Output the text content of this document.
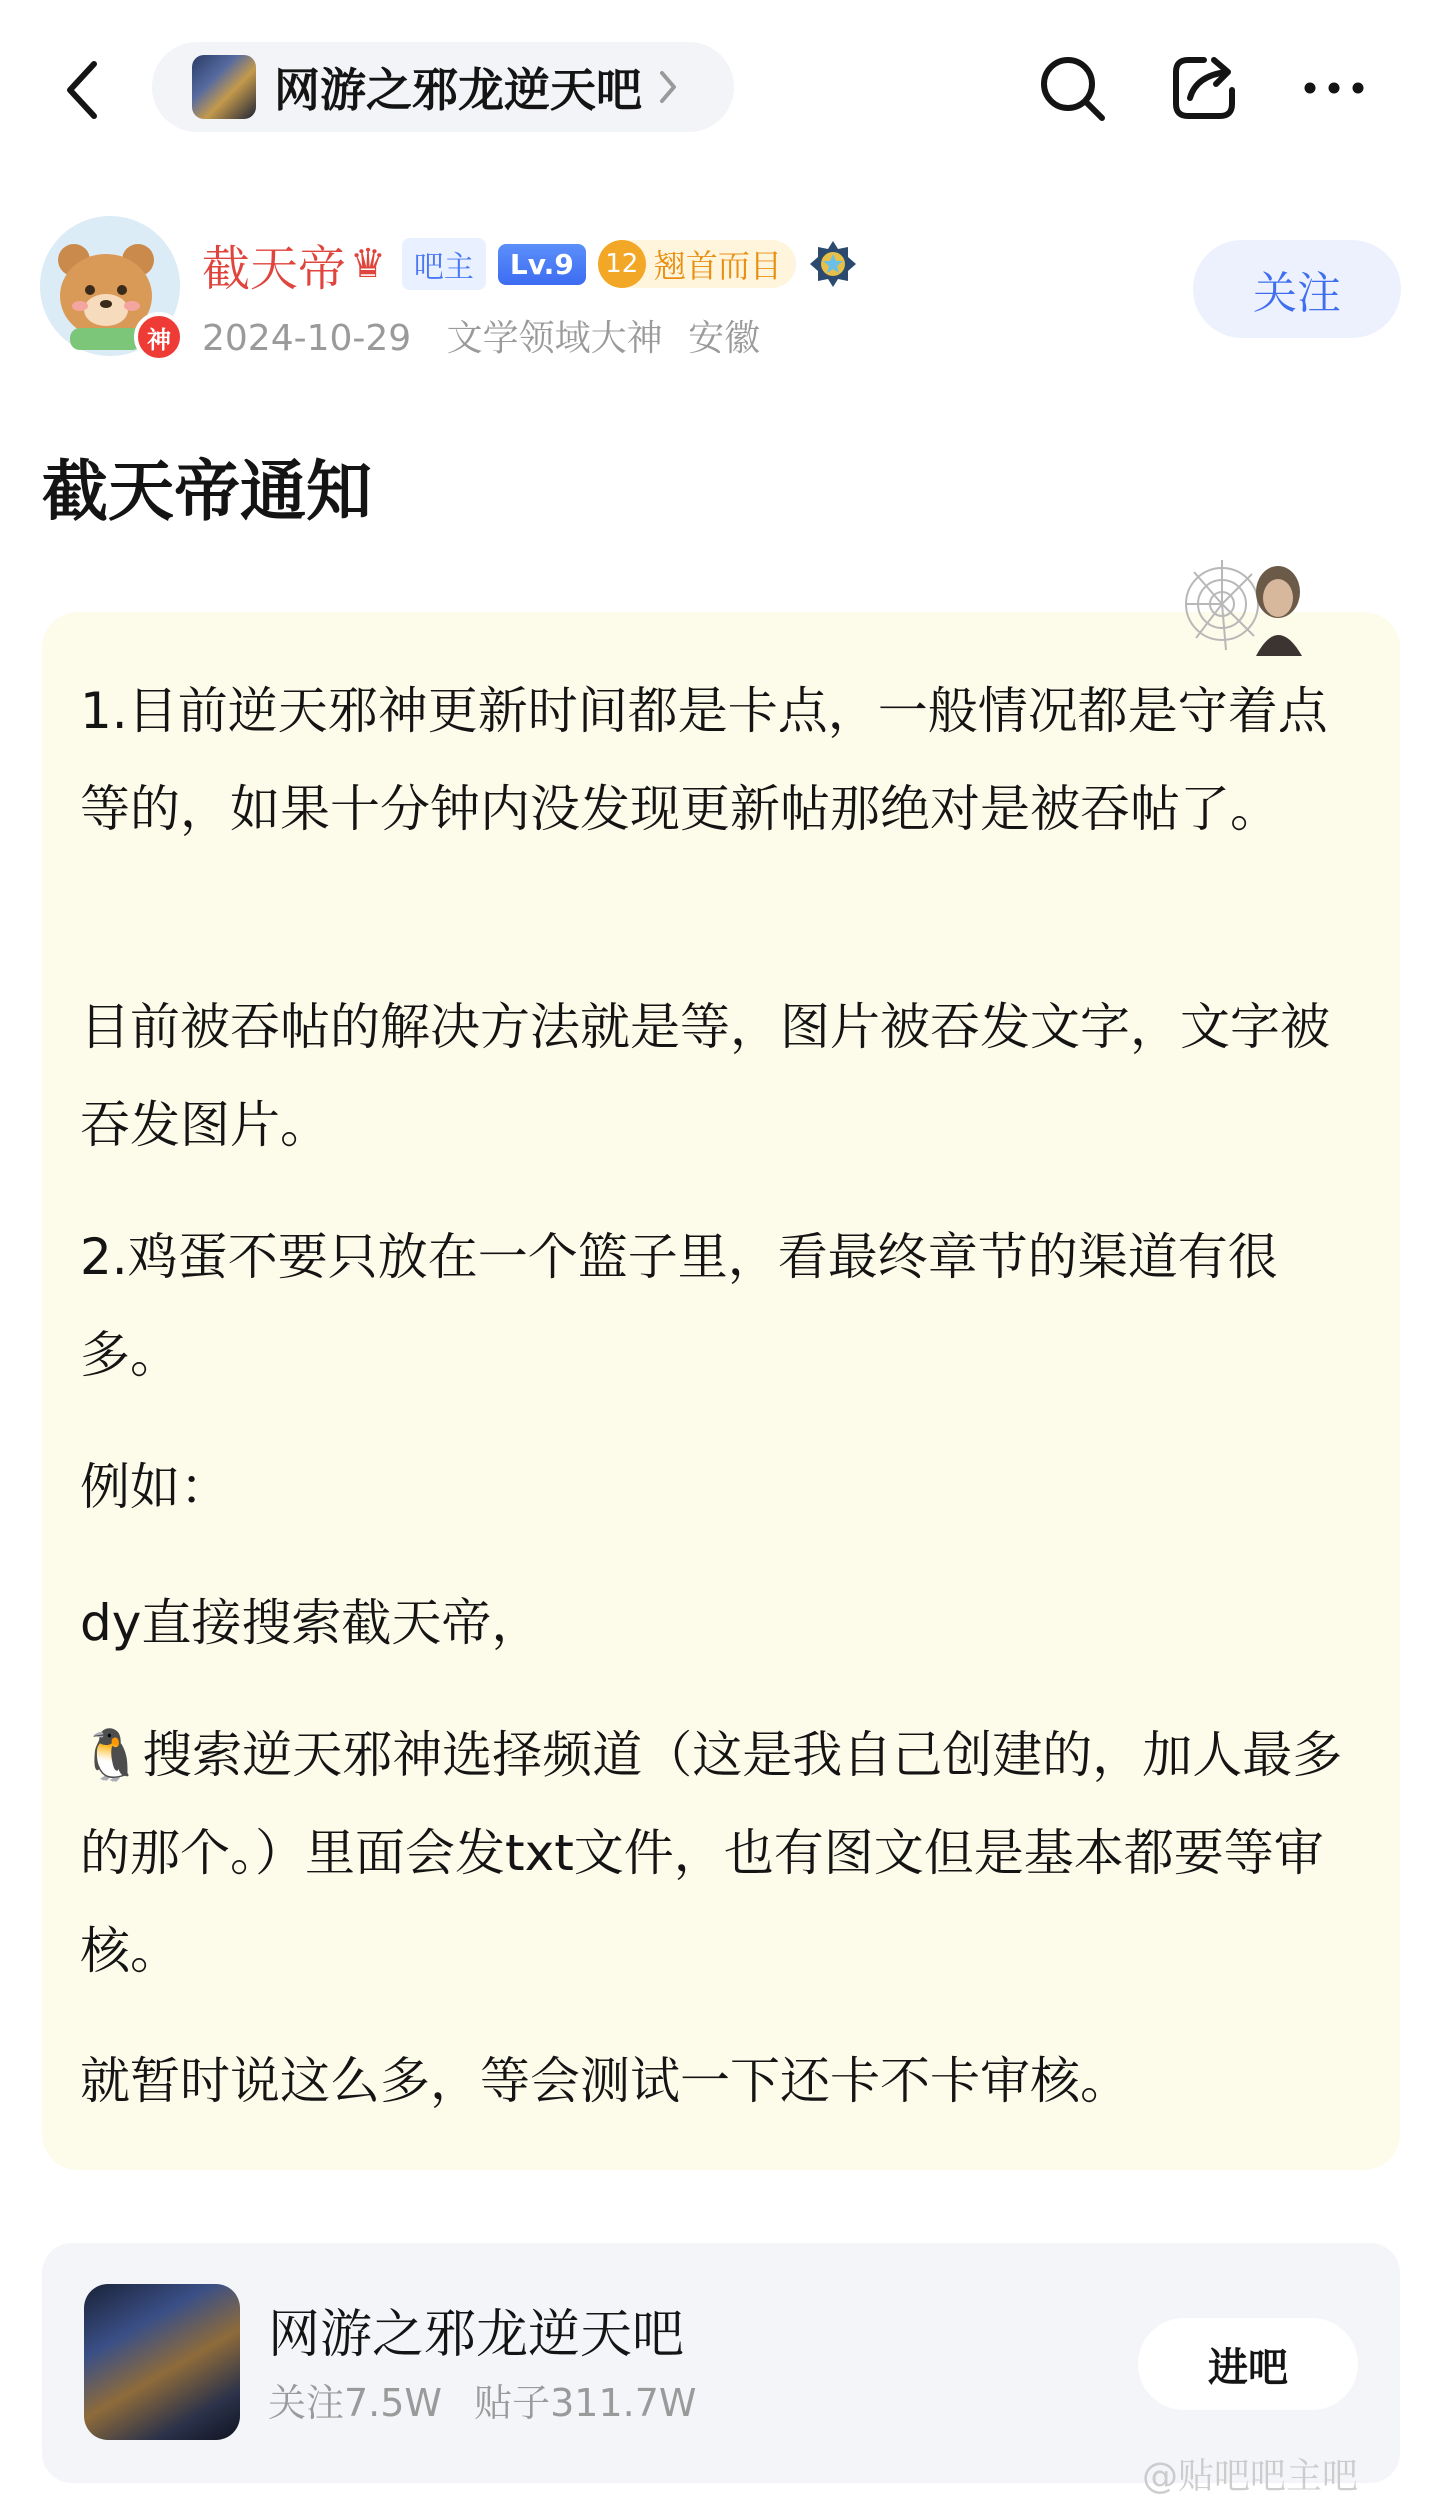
网游之邪龙逆天吧
神
截天帝 ♛ 吧主	Lv.9	12 翘首而目
2024-10-29 文学领域大神 安徽
关注
截天帝通知

1.目前逆天邪神更新时间都是卡点，一般情况都是守着点等的，如果十分钟内没发现更新帖那绝对是被吞帖了。

目前被吞帖的解决方法就是等，图片被吞发文字，文字被吞发图片。

2.鸡蛋不要只放在一个篮子里，看最终章节的渠道有很多。

例如：

dy直接搜索截天帝，

🐧搜索逆天邪神选择频道（这是我自己创建的，加人最多的那个。）里面会发txt文件，也有图文但是基本都要等审核。

就暂时说这么多，等会测试一下还卡不卡审核。

网游之邪龙逆天吧
关注7.5W 贴子311.7W
进吧
@贴吧吧主吧
